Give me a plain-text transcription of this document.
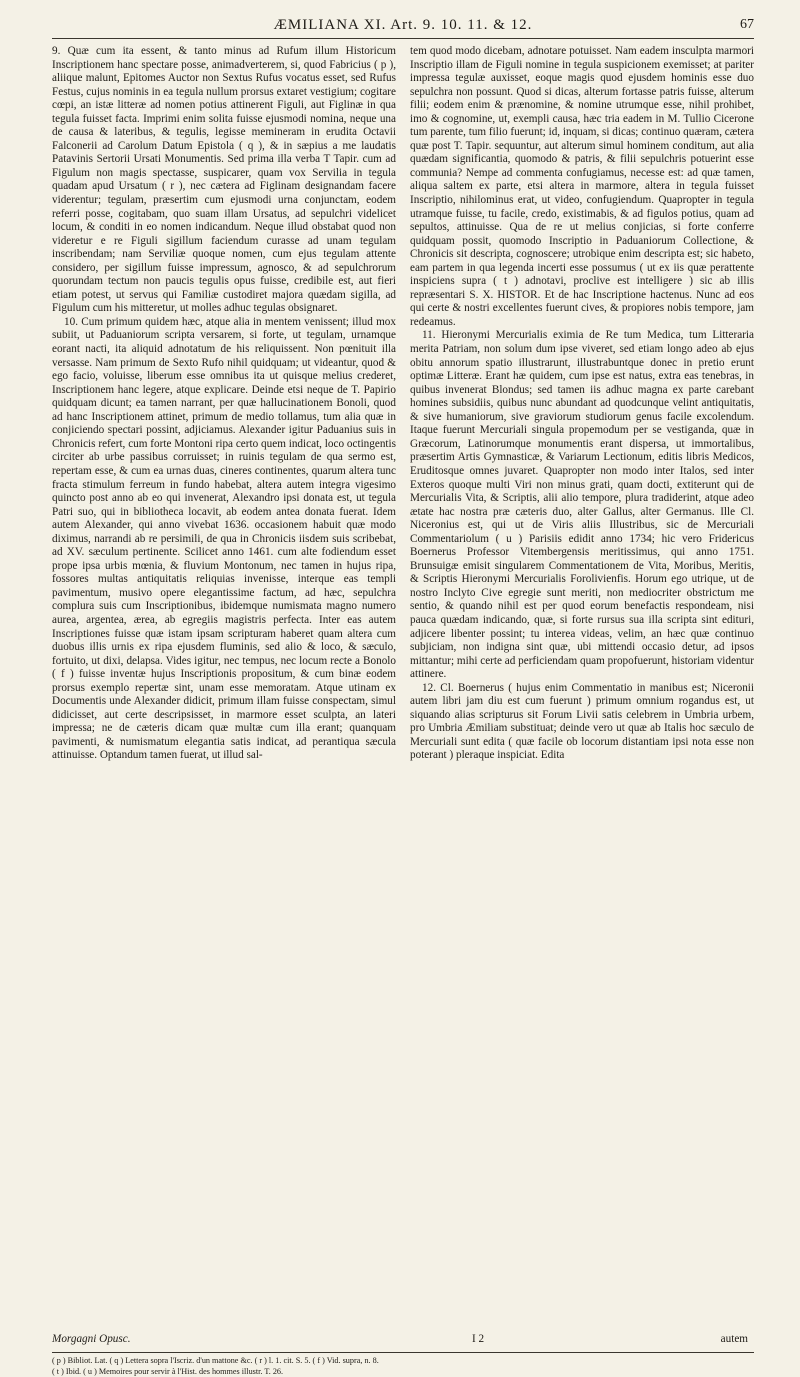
ÆMILIANA XI. Art. 9. 10. 11. & 12.	67

9. Quæ cum ita essent, & tanto minus ad Rufum illum Historicum Inscriptionem hanc spectare posse, animadverterem, si, quod Fabricius ( p ), aliique malunt, Epitomes Auctor non Sextus Rufus vocatus esset, sed Rufus Festus, cujus nominis in ea tegula nullum prorsus extaret vestigium; cogitare cœpi, an istæ litteræ ad nomen potius attinerent Figuli, aut Figlinæ in qua tegula fuisset facta. Imprimi enim solita fuisse ejusmodi nomina, neque una de causa & lateribus, & tegulis, legisse memineram in erudita Octavii Falconerii ad Carolum Datum Epistola ( q ), & in sæpius a me laudatis Patavinis Sertorii Ursati Monumentis. Sed prima illa verba T Tapir. cum ad Figulum non magis spectasse, suspicarer, quam vox Servilia in tegula quadam apud Ursatum ( r ), nec cætera ad Figlinam designandam facere viderentur; tegulam, præsertim cum ejusmodi urna conjunctam, eodem referri posse, cogitabam, quo suam illam Ursatus, ad sepulchri videlicet locum, & conditi in eo nomen indicandum. Neque illud obstabat quod non videretur e re Figuli sigillum faciendum curasse ad unam tegulam inscribendam; nam Serviliæ quoque nomen, cum ejus tegulam attente considero, per sigillum fuisse impressum, agnosco, & ad sepulchrorum quorundam tectum non paucis tegulis opus fuisse, credibile est, aut fieri etiam potest, ut servus qui Familiæ custodiret majora quædam sigilla, ad Figulum cum his mitteretur, ut molles adhuc tegulas obsignaret.

10. Cum primum quidem hæc, atque alia in mentem venissent; illud mox subiit, ut Paduaniorum scripta versarem, si forte, ut tegulam, urnamque eorant nacti, ita aliquid adnotatum de his reliquissent. Non pœnituit illa versasse. Nam primum de Sexto Rufo nihil quidquam; ut videantur, quod & ego facio, voluisse, liberum esse omnibus ita ut quisque melius crederet, Inscriptionem hanc legere, atque explicare. Deinde etsi neque de T. Papirio quidquam dicunt; ea tamen narrant, per quæ hallucinationem Bonoli, quod ad hanc Inscriptionem attinet, primum de medio tollamus, tum alia quæ in conjiciendo spectari possint, adjiciamus. Alexander igitur Paduanius suis in Chronicis refert, cum forte Montoni ripa certo quem indicat, loco octingentis circiter ab urbe passibus corruisset; in ruinis tegulam de qua sermo est, repertam esse, & cum ea urnas duas, cineres continentes, quarum altera tunc fracta stimulum ferreum in fundo habebat, altera autem integra vigesimo quincto post anno ab eo qui invenerat, Alexandro ipsi donata est, ut tegula Patri suo, qui in bibliotheca locavit, ab eodem antea donata fuerat. Idem autem Alexander, qui anno vivebat 1636. occasionem habuit quæ modo diximus, narrandi ab re persimili, de qua in Chronicis iisdem suis scribebat, ad XV. sæculum pertinente. Scilicet anno 1461. cum alte fodiendum esset prope ipsa urbis mœnia, & fluvium Montonum, nec tamen in hujus ripa, fossores multas antiquitatis reliquias invenisse, interque eas templi pavimentum, musivo opere elegantissime factum, ad hæc, sepulchra complura suis cum Inscriptionibus, ibidemque numismata magno numero aurea, argentea, ærea, ab egregiis magistris perfecta. Inter eas autem Inscriptiones fuisse quæ istam ipsam scripturam haberet quam altera cum duobus illis urnis ex ripa ejusdem fluminis, sed alio & loco, & sæculo, fortuito, ut dixi, delapsa. Vides igitur, nec tempus, nec locum recte a Bonolo ( f ) fuisse inventæ hujus Inscriptionis propositum, & cum binæ eodem prorsus exemplo repertæ sint, unam esse memoratam. Atque utinam ex Documentis unde Alexander didicit, primum illam fuisse conspectam, simul didicisset, aut certe descripsisset, in marmore esset sculpta, an lateri impressa; ne de cæteris dicam quæ multæ cum illa erant; quanquam pavimenti, & numismatum elegantia satis indicat, ad perantiqua sæcula attinuisse. Optandum tamen fuerat, ut illud sal-

tem quod modo dicebam, adnotare potuisset. Nam eadem insculpta marmori Inscriptio illam de Figuli nomine in tegula suspicionem exemisset; at pariter impressa tegulæ auxisset, eoque magis quod ejusdem hominis esse duo sepulchra non possunt. Quod si dicas, alterum fortasse patris fuisse, alterum filii; eodem enim & prænomine, & nomine utrumque esse, nihil prohibet, imo & cognomine, ut, exempli causa, hæc tria eadem in M. Tullio Cicerone tum parente, tum filio fuerunt; id, inquam, si dicas; continuo quæram, cætera quæ post T. Tapir. sequuntur, aut alterum simul hominem conditum, aut alia quædam significantia, quomodo & patris, & filii sepulchris potuerint esse communia? Nempe ad commenta confugiamus, necesse est: ad quæ tamen, aliqua saltem ex parte, etsi altera in marmore, altera in tegula fuisset Inscriptio, nihilominus erat, ut video, confugiendum. Quapropter in tegula utramque fuisse, tu facile, credo, existimabis, & ad figulos potius, quam ad sepultos, attinuisse. Qua de re ut melius conjicias, si forte conferre quidquam possit, quomodo Inscriptio in Paduaniorum Collectione, & Chronicis sit descripta, cognoscere; utrobique enim descripta est; sic habeto, eam partem in qua legenda incerti esse possumus ( ut ex iis quæ perattente inspiciens supra ( t ) adnotavi, proclive est intelligere ) sic ab illis repræsentari S. X. HISTOR. Et de hac Inscriptione hactenus. Nunc ad eos qui certe & nostri excellentes fuerunt cives, & propiores nobis tempore, jam redeamus.

11. Hieronymi Mercurialis eximia de Re tum Medica, tum Litteraria merita Patriam, non solum dum ipse viveret, sed etiam longo adeo ab ejus obitu annorum spatio illustrarunt, illustrabuntque donec in pretio erunt optimæ Litteræ. Erant hæ quidem, cum ipse est natus, extra eas tenebras, in quibus invenerat Blondus; sed tamen iis adhuc magna ex parte carebant homines subsidiis, quibus nunc abundant ad quodcunque velint antiquitatis, & sive humaniorum, sive graviorum studiorum genus facile excolendum. Itaque fuerunt Mercuriali singula propemodum per se vestiganda, quæ in Græcorum, Latinorumque monumentis erant dispersa, ut immortalibus, præsertim Artis Gymnasticæ, & Variarum Lectionum, editis libris Medicos, Eruditosque omnes juvaret. Quapropter non modo inter Italos, sed inter Exteros quoque multi Viri non minus grati, quam docti, extiterunt qui de Mercurialis Vita, & Scriptis, alii alio tempore, plura tradiderint, atque adeo ætate hac nostra præ cæteris duo, alter Gallus, alter Germanus. Ille Cl. Niceronius est, qui ut de Viris aliis Illustribus, sic de Mercuriali Commentariolum ( u ) Parisiis edidit anno 1734; hic vero Fridericus Boernerus Professor Vitembergensis meritissimus, qui anno 1751. Brunsuigæ emisit singularem Commentationem de Vita, Moribus, Meritis, & Scriptis Hieronymi Mercurialis Forolivienfis. Horum ego utrique, ut de nostro Inclyto Cive egregie sunt meriti, non mediocriter obstrictum me sentio, & quando nihil est per quod eorum benefactis respondeam, nisi pauca quædam indicando, quæ, si forte rursus sua illa scripta sint edituri, adjicere libenter possint; tu interea videas, velim, an hæc quæ continuo subjiciam, non indigna sint quæ, ubi mittendi occasio detur, ad ipsos mittantur; mihi certe ad perficiendam quam propofuerunt, historiam videntur attinere.

12. Cl. Boernerus ( hujus enim Commentatio in manibus est; Niceronii autem libri jam diu est cum fuerunt ) primum omnium rogandus est, ut siquando alias scripturus sit Forum Livii satis celebrem in Umbria urbem, pro Umbria Æmiliam substituat; deinde vero ut quæ ab Italis hoc sæculo de Mercuriali sunt edita ( quæ facile ob locorum distantiam ipsi nota esse non poterant ) pleraque inspiciat. Edita

Morgagni Opusc.	I 2	autem
( p ) Bibliot. Lat. ( q ) Lettera sopra l'Iscriz. d'un mattone &c. ( r ) l. 1. cit. S. 5. ( f ) Vid. supra, n. 8.
( t ) Ibid. ( u ) Memoires pour servir à l'Hist. des hommes illustr. T. 26.
